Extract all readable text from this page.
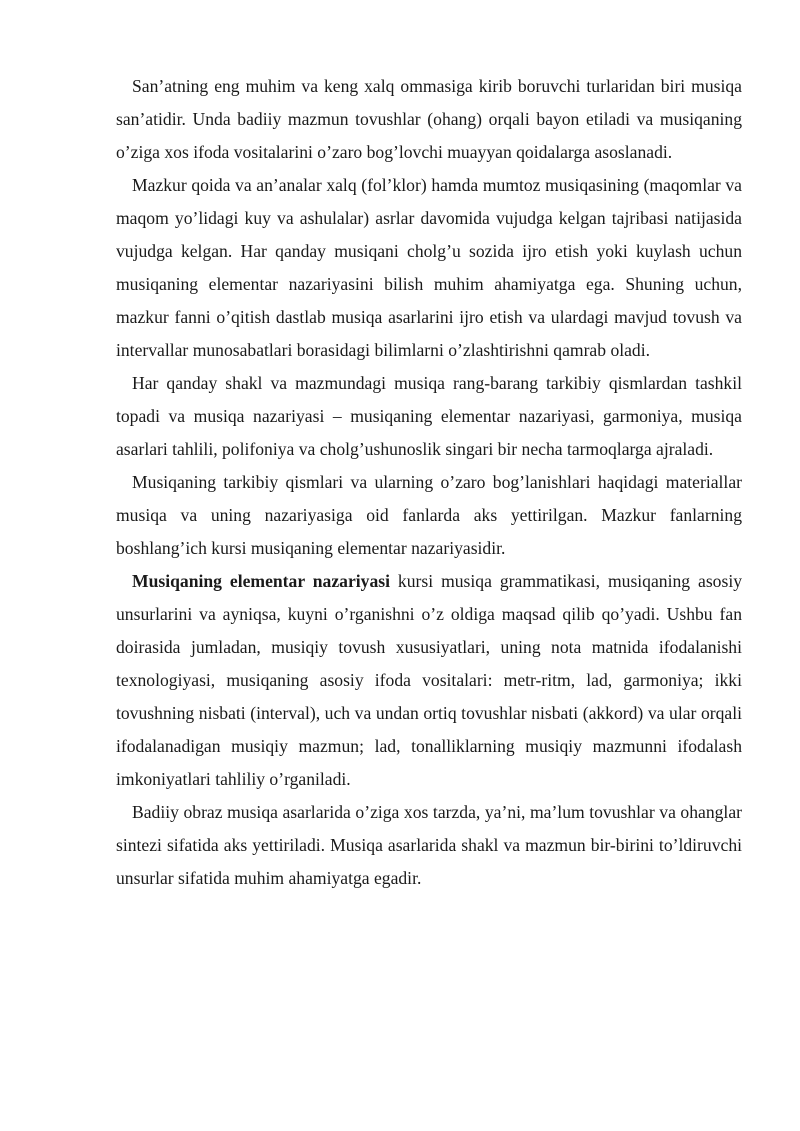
San’atning eng muhim va keng xalq ommasiga kirib boruvchi turlaridan biri musiqa san’atidir. Unda badiiy mazmun tovushlar (ohang) orqali bayon etiladi va musiqaning o’ziga xos ifoda vositalarini o’zaro bog’lovchi muayyan qoidalarga asoslanadi.

Mazkur qoida va an’analar xalq (fol’klor) hamda mumtoz musiqasining (maqomlar va maqom yo’lidagi kuy va ashulalar) asrlar davomida vujudga kelgan tajribasi natijasida vujudga kelgan. Har qanday musiqani cholg’u sozida ijro etish yoki kuylash uchun musiqaning elementar nazariyasini bilish muhim ahamiyatga ega. Shuning uchun, mazkur fanni o’qitish dastlab musiqa asarlarini ijro etish va ulardagi mavjud tovush va intervallar munosabatlari borasidagi bilimlarni o’zlashtirishni qamrab oladi.

Har qanday shakl va mazmundagi musiqa rang-barang tarkibiy qismlardan tashkil topadi va musiqa nazariyasi – musiqaning elementar nazariyasi, garmoniya, musiqa asarlari tahlili, polifoniya va cholg’ushunoslik singari bir necha tarmoqlarga ajraladi.

Musiqaning tarkibiy qismlari va ularning o’zaro bog’lanishlari haqidagi materiallar musiqa va uning nazariyasiga oid fanlarda aks yettirilgan. Mazkur fanlarning boshlang’ich kursi musiqaning elementar nazariyasidir.

Musiqaning elementar nazariyasi kursi musiqa grammatikasi, musiqaning asosiy unsurlarini va ayniqsa, kuyni o’rganishni o’z oldiga maqsad qilib qo’yadi. Ushbu fan doirasida jumladan, musiqiy tovush xususiyatlari, uning nota matnida ifodalanishi texnologiyasi, musiqaning asosiy ifoda vositalari: metr-ritm, lad, garmoniya; ikki tovushning nisbati (interval), uch va undan ortiq tovushlar nisbati (akkord) va ular orqali ifodalanadigan musiqiy mazmun; lad, tonalliklarning musiqiy mazmunni ifodalash imkoniyatlari tahliliy o’rganiladi.

Badiiy obraz musiqa asarlarida o’ziga xos tarzda, ya’ni, ma’lum tovushlar va ohanglar sintezi sifatida aks yettiriladi. Musiqa asarlarida shakl va mazmun bir-birini to’ldiruvchi unsurlar sifatida muhim ahamiyatga egadir.
